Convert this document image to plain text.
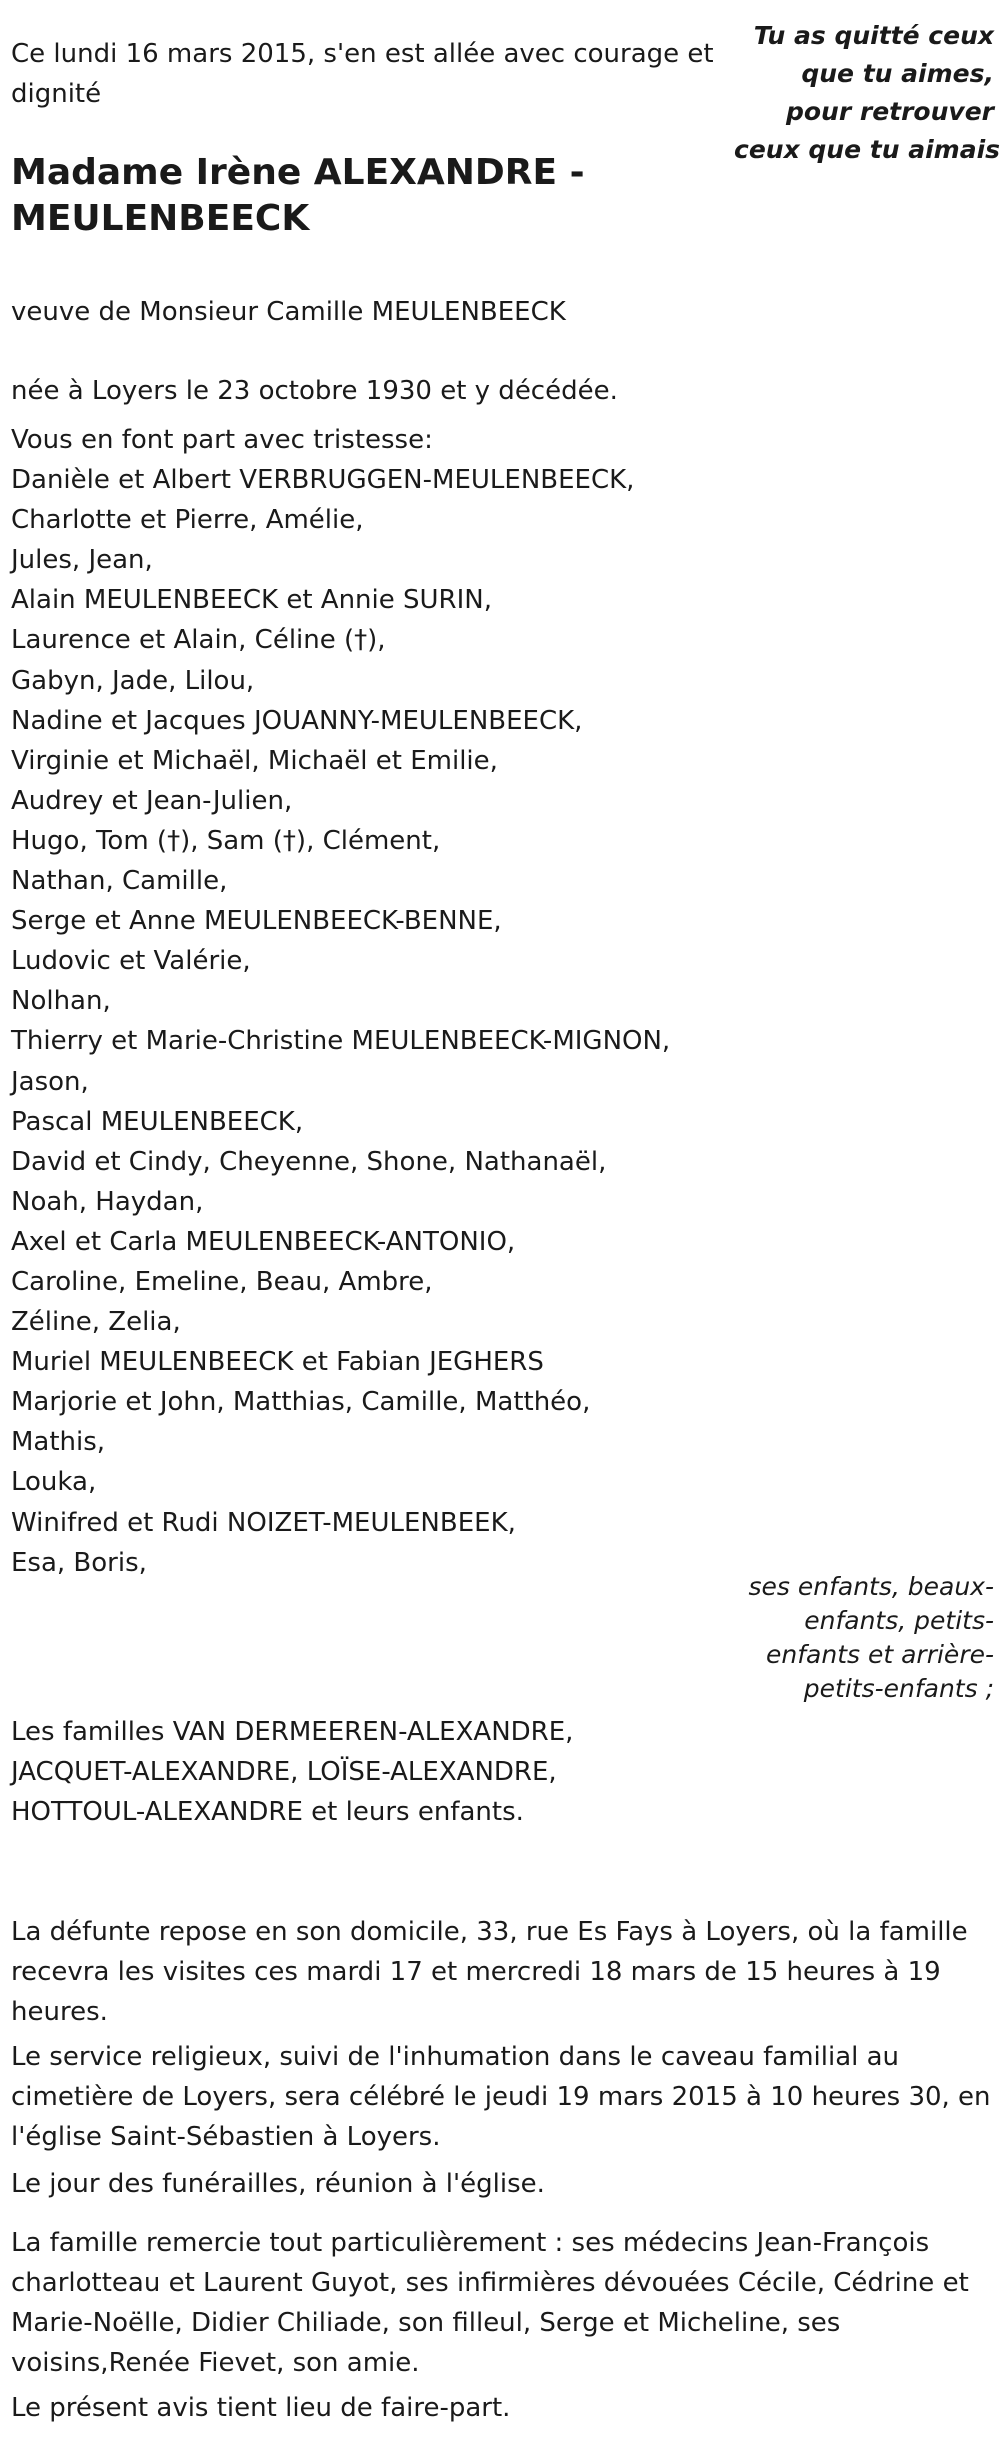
Ce lundi 16 mars 2015, s'en est allée avec courage et dignité
Tu as quitté ceux
que tu aimes,
pour retrouver
ceux que tu aimais
Madame Irène ALEXANDRE - MEULENBEECK
veuve de Monsieur Camille MEULENBEECK
née à Loyers le 23 octobre 1930 et y décédée.
Vous en font part avec tristesse:
Danièle et Albert VERBRUGGEN-MEULENBEECK,
Charlotte et Pierre, Amélie,
Jules, Jean,
Alain MEULENBEECK et Annie SURIN,
Laurence et Alain, Céline (†),
Gabyn, Jade, Lilou,
Nadine et Jacques JOUANNY-MEULENBEECK,
Virginie et Michaël, Michaël et Emilie,
Audrey et Jean-Julien,
Hugo, Tom (†), Sam (†), Clément,
Nathan, Camille,
Serge et Anne MEULENBEECK-BENNE,
Ludovic et Valérie,
Nolhan,
Thierry et Marie-Christine MEULENBEECK-MIGNON,
Jason,
Pascal MEULENBEECK,
David et Cindy, Cheyenne, Shone, Nathanaël,
Noah, Haydan,
Axel et Carla MEULENBEECK-ANTONIO,
Caroline, Emeline, Beau, Ambre,
Zéline, Zelia,
Muriel MEULENBEECK et Fabian JEGHERS
Marjorie et John, Matthias, Camille, Matthéo,
Mathis,
Louka,
Winifred et Rudi NOIZET-MEULENBEEK,
Esa, Boris,
ses enfants, beaux-enfants, petits-enfants et arrière-petits-enfants ;
Les familles VAN DERMEEREN-ALEXANDRE,
JACQUET-ALEXANDRE, LOÏSE-ALEXANDRE,
HOTTOUL-ALEXANDRE et leurs enfants.
La défunte repose en son domicile, 33, rue Es Fays à Loyers, où la famille recevra les visites ces mardi 17 et mercredi 18 mars de 15 heures à 19 heures.
Le service religieux, suivi de l'inhumation dans le caveau familial au cimetière de Loyers, sera célébré le jeudi 19 mars 2015 à 10 heures 30, en l'église Saint-Sébastien à Loyers.
Le jour des funérailles, réunion à l'église.
La famille remercie tout particulièrement : ses médecins Jean-François charlotteau et Laurent Guyot, ses infirmières dévouées Cécile, Cédrine et Marie-Noëlle, Didier Chiliade, son filleul, Serge et Micheline, ses voisins,Renée Fievet, son amie.
Le présent avis tient lieu de faire-part.
